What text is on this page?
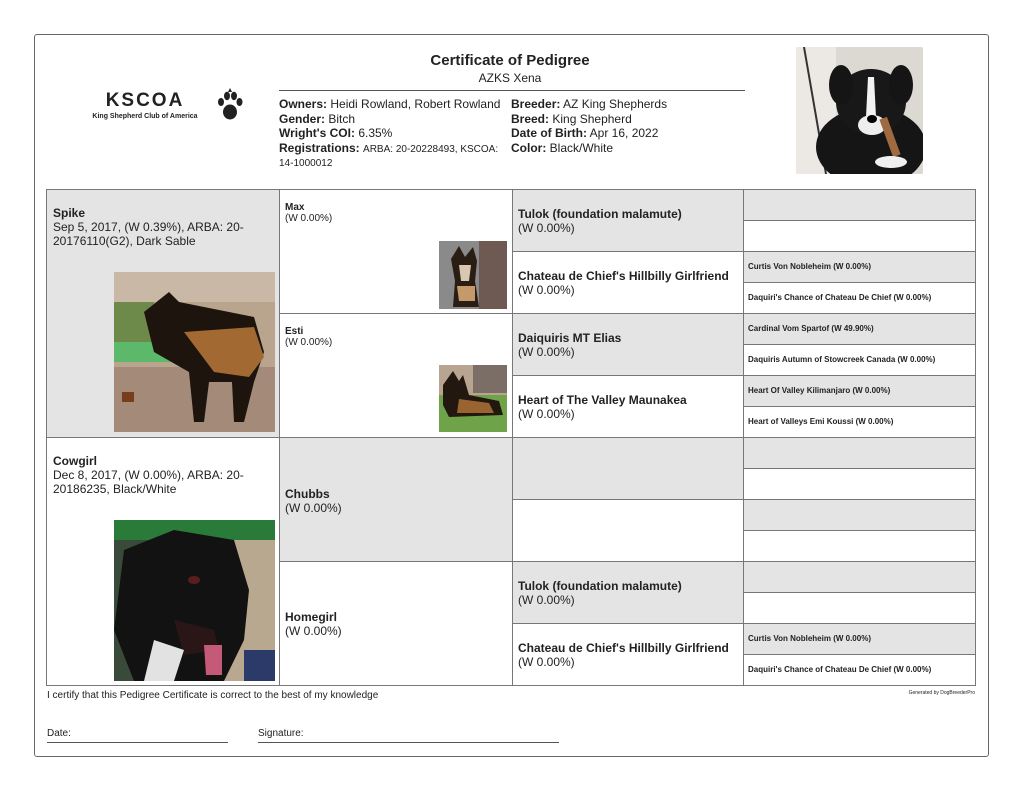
KSCOA
King Shepherd Club of America
Certificate of Pedigree
AZKS Xena
Owners: Heidi Rowland, Robert Rowland
Gender: Bitch
Wright's COI: 6.35%
Registrations: ARBA: 20-20228493, KSCOA:
14-1000012
Breeder: AZ King Shepherds
Breed: King Shepherd
Date of Birth: Apr 16, 2022
Color: Black/White
Spike
Sep 5, 2017, (W 0.39%), ARBA: 20-20176110(G2), Dark Sable
Cowgirl
Dec 8, 2017, (W 0.00%), ARBA: 20-20186235, Black/White
Max
(W 0.00%)
Esti
(W 0.00%)
Chubbs
(W 0.00%)
Homegirl
(W 0.00%)
Tulok (foundation malamute)
(W 0.00%)
Chateau de Chief's Hillbilly Girlfriend
(W 0.00%)
Daiquiris MT Elias
(W 0.00%)
Heart of The Valley Maunakea
(W 0.00%)
Tulok (foundation malamute)
(W 0.00%)
Chateau de Chief's Hillbilly Girlfriend
(W 0.00%)
Curtis Von Nobleheim (W 0.00%)
Daquiri's Chance of Chateau De Chief (W 0.00%)
Cardinal Vom Spartof (W 49.90%)
Daquiris Autumn of Stowcreek Canada (W 0.00%)
Heart Of Valley Kilimanjaro (W 0.00%)
Heart of Valleys Emi Koussi (W 0.00%)
Curtis Von Nobleheim (W 0.00%)
Daquiri's Chance of Chateau De Chief (W 0.00%)
I certify that this Pedigree Certificate is correct to the best of my knowledge	Generated by DogBreederPro
Date:	Signature:
